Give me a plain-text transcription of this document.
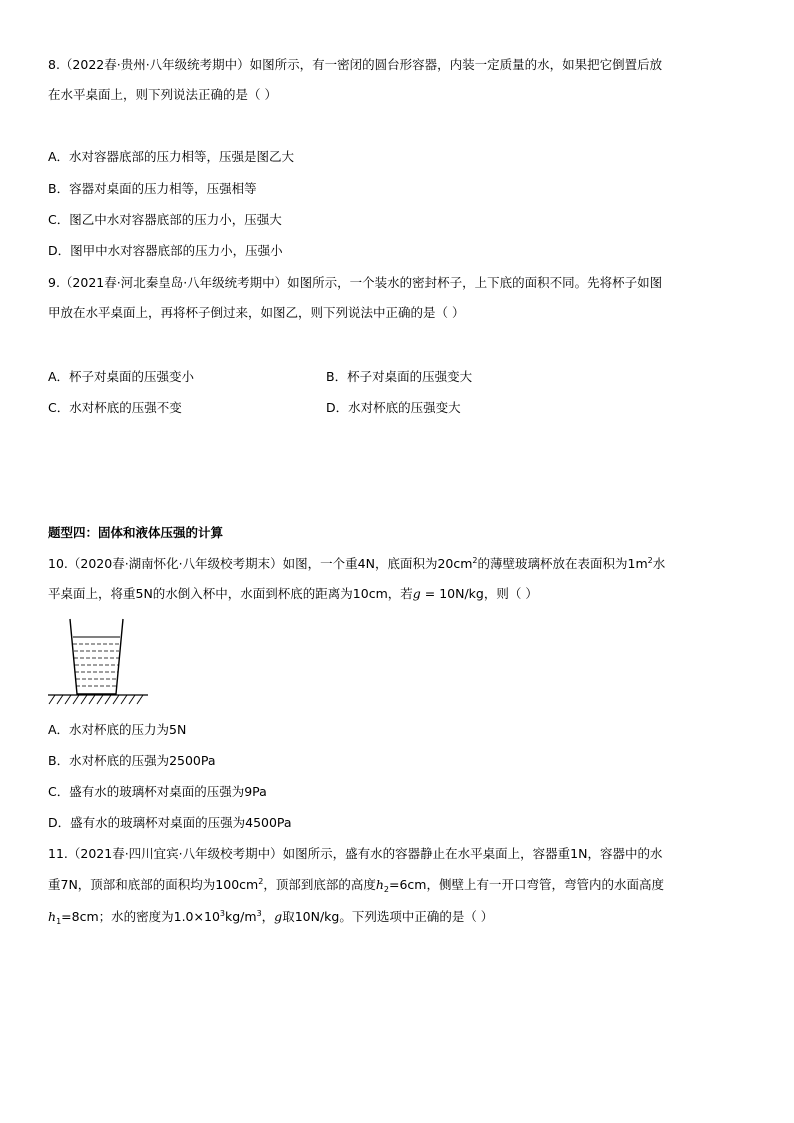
8.（2022春·贵州·八年级统考期中）如图所示，有一密闭的圆台形容器，内装一定质量的水，如果把它倒置后放
在水平桌面上，则下列说法正确的是（ ）
A．水对容器底部的压力相等，压强是图乙大
B．容器对桌面的压力相等，压强相等
C．图乙中水对容器底部的压力小，压强大
D．图甲中水对容器底部的压力小，压强小
9.（2021春·河北秦皇岛·八年级统考期中）如图所示，一个装水的密封杯子，上下底的面积不同。先将杯子如图
甲放在水平桌面上，再将杯子倒过来，如图乙，则下列说法中正确的是（ ）
A．杯子对桌面的压强变小	B．杯子对桌面的压强变大
C．水对杯底的压强不变	D．水对杯底的压强变大
题型四：固体和液体压强的计算
10.（2020春·湖南怀化·八年级校考期末）如图，一个重4N，底面积为$20cm^2$的薄壁玻璃杯放在表面积为$1m^2$水
平桌面上，将重5N的水倒入杯中，水面到杯底的距离为10cm，若g = 10N/kg，则（ ）
A．水对杯底的压力为5N
B．水对杯底的压强为2500Pa
C．盛有水的玻璃杯对桌面的压强为9Pa
D．盛有水的玻璃杯对桌面的压强为4500Pa
11.（2021春·四川宜宾·八年级校考期中）如图所示，盛有水的容器静止在水平桌面上，容器重1N，容器中的水
重7N，顶部和底部的面积均为$100cm^2$，顶部到底部的高度$h_2=6cm$，侧壁上有一开口弯管，弯管内的水面高度
$h_1=8cm$；水的密度为$1.0\times 10^3kg/m^3$，g取10N/kg。下列选项中正确的是（ ）
